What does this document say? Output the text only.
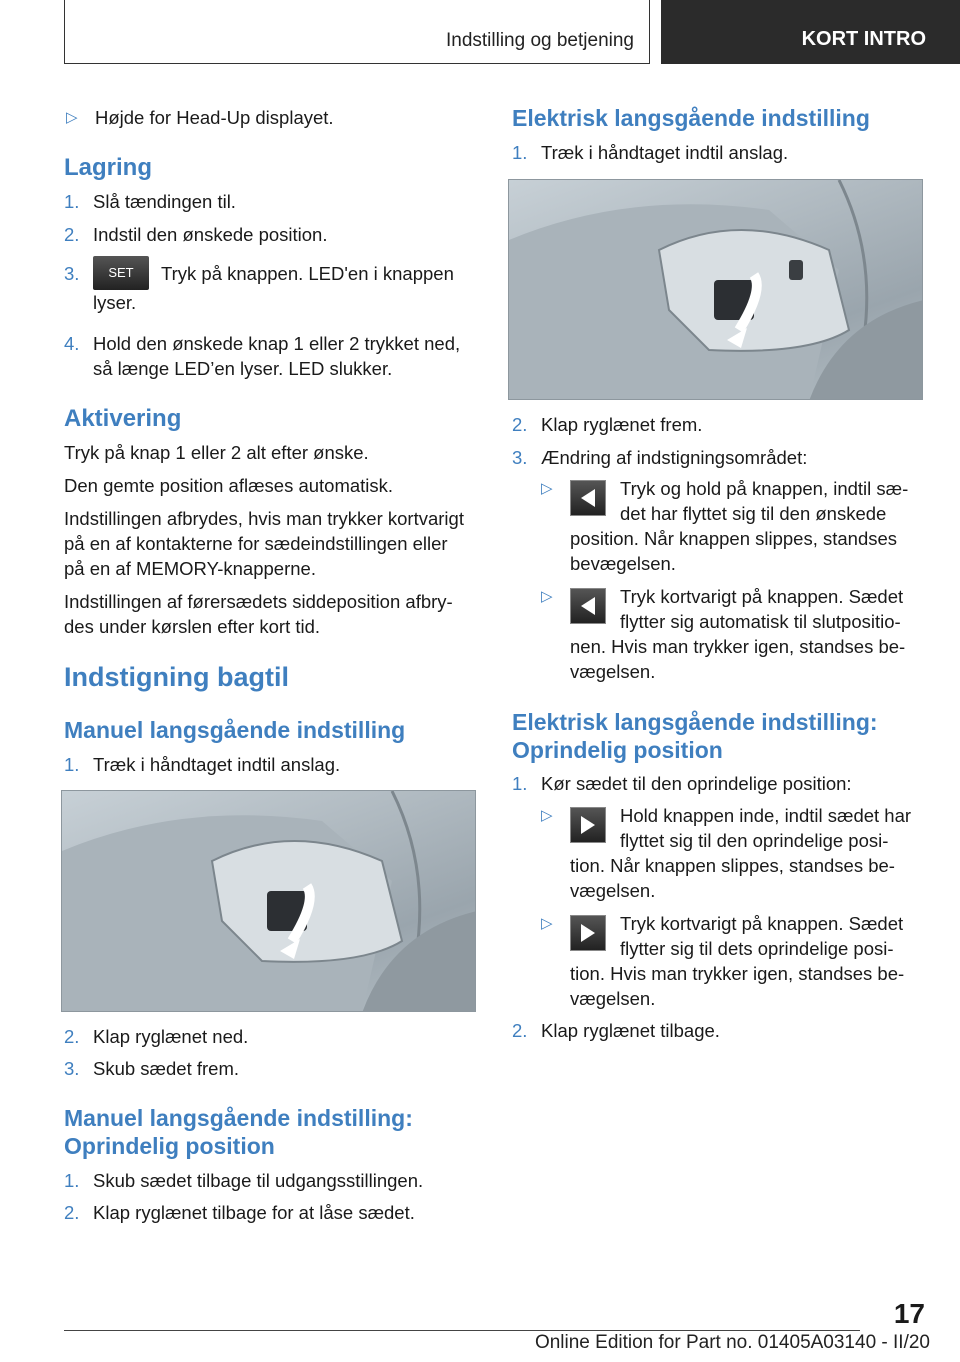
Indstilling og betjening	KORT INTRO
▷ Højde for Head-Up displayet.
Lagring
1. Slå tændingen til.
2. Indstil den ønskede position.
3.	SET	Tryk på knappen. LED'en i knappen
lyser.
4. Hold den ønskede knap 1 eller 2 trykket ned,
så længe LED’en lyser. LED slukker.
Aktivering
Tryk på knap 1 eller 2 alt efter ønske.
Den gemte position aflæses automatisk.
Indstillingen afbrydes, hvis man trykker kortvarigt
på en af kontakterne for sædeindstillingen eller
på en af MEMORY-knapperne.
Indstillingen af førersædets siddeposition afbry-
des under kørslen efter kort tid.
Indstigning bagtil
Manuel langsgående indstilling
1. Træk i håndtaget indtil anslag.
2. Klap ryglænet ned.
3. Skub sædet frem.
Manuel langsgående indstilling:
Oprindelig position
1. Skub sædet tilbage til udgangsstillingen.
2. Klap ryglænet tilbage for at låse sædet.
Elektrisk langsgående indstilling
1. Træk i håndtaget indtil anslag.
2. Klap ryglænet frem.
3. Ændring af indstigningsområdet:
▷	Tryk og hold på knappen, indtil sæ-
det har flyttet sig til den ønskede
position. Når knappen slippes, standses
bevægelsen.
▷	Tryk kortvarigt på knappen. Sædet
flytter sig automatisk til slutpositio-
nen. Hvis man trykker igen, standses be-
vægelsen.
Elektrisk langsgående indstilling:
Oprindelig position
1. Kør sædet til den oprindelige position:
▷	Hold knappen inde, indtil sædet har
flyttet sig til den oprindelige posi-
tion. Når knappen slippes, standses be-
vægelsen.
▷	Tryk kortvarigt på knappen. Sædet
flytter sig til dets oprindelige posi-
tion. Hvis man trykker igen, standses be-
vægelsen.
2. Klap ryglænet tilbage.
17
Online Edition for Part no. 01405A03140 - II/20
